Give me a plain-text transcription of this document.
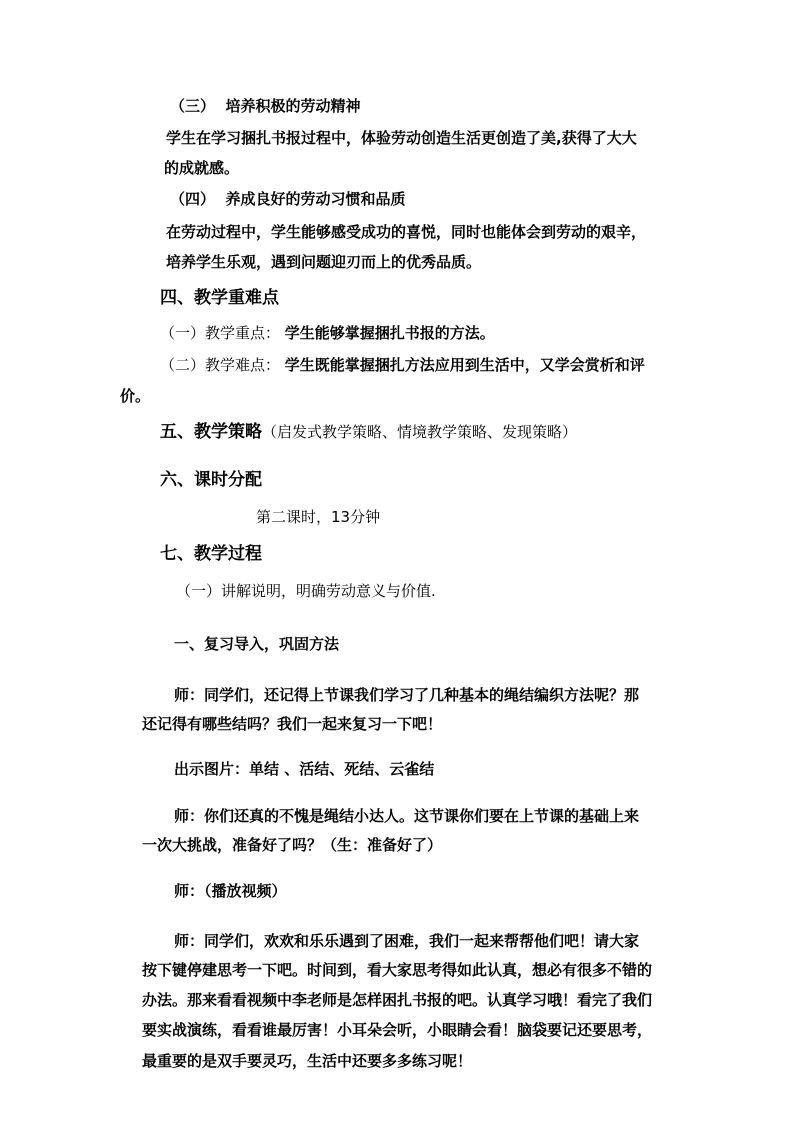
（三） 培养积极的劳动精神
学生在学习捆扎书报过程中，体验劳动创造生活更创造了美,获得了大大
的成就感。
（四） 养成良好的劳动习惯和品质
在劳动过程中，学生能够感受成功的喜悦，同时也能体会到劳动的艰辛，
培养学生乐观，遇到问题迎刃而上的优秀品质。
四、教学重难点
（一）教学重点： 学生能够掌握捆扎书报的方法。
（二）教学难点： 学生既能掌握捆扎方法应用到生活中，又学会赏析和评
价。
五、教学策略（启发式教学策略、情境教学策略、发现策略）
六、课时分配
第二课时，13分钟
七、教学过程
（一）讲解说明，明确劳动意义与价值.
一、复习导入，巩固方法
师：同学们，还记得上节课我们学习了几种基本的绳结编织方法呢？那
还记得有哪些结吗？我们一起来复习一下吧！
出示图片：单结 、活结、死结、云雀结
师：你们还真的不愧是绳结小达人。这节课你们要在上节课的基础上来
一次大挑战，准备好了吗？（生：准备好了）
师：（播放视频）
师：同学们，欢欢和乐乐遇到了困难，我们一起来帮帮他们吧！请大家
按下键停建思考一下吧。时间到，看大家思考得如此认真，想必有很多不错的
办法。那来看看视频中李老师是怎样困扎书报的吧。认真学习哦！看完了我们
要实战演练，看看谁最厉害！小耳朵会听，小眼睛会看！脑袋要记还要思考，
最重要的是双手要灵巧，生活中还要多多练习呢！
